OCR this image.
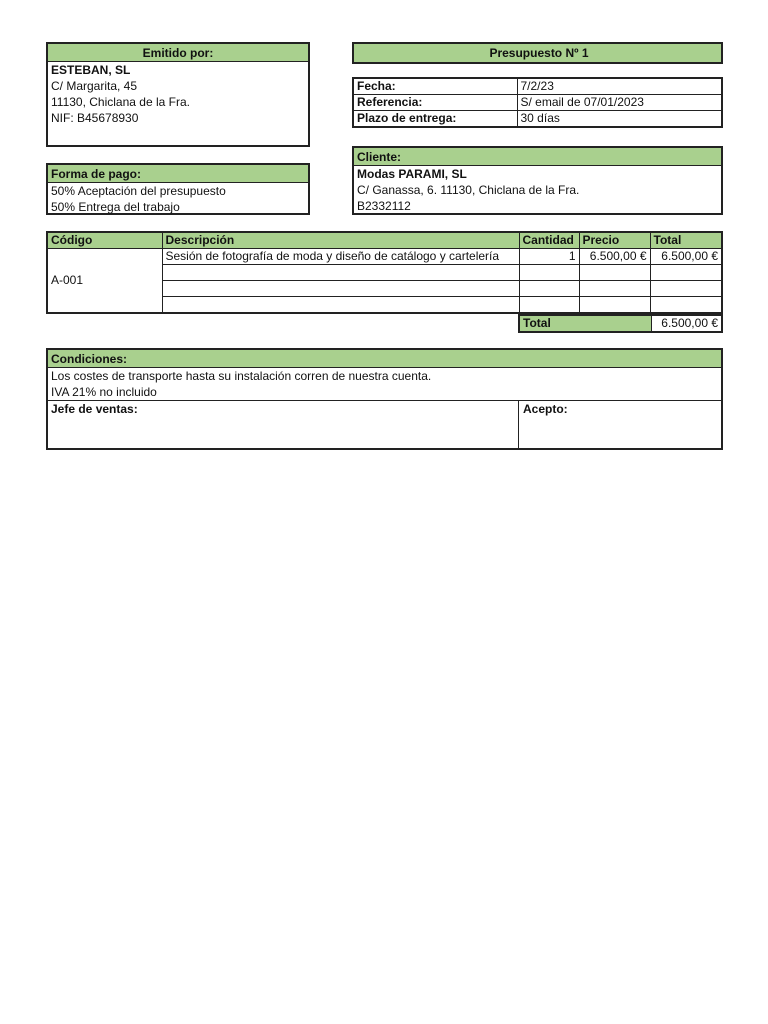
Emitido por:
ESTEBAN, SL
C/ Margarita, 45
11130, Chiclana de la Fra.
NIF: B45678930
Presupuesto Nº 1
Fecha:	7/2/23
Referencia:	S/ email de 07/01/2023
Plazo de entrega:	30 días
Forma de pago:
50% Aceptación del presupuesto
50% Entrega del trabajo
Cliente:
Modas PARAMI, SL
C/ Ganassa, 6. 11130, Chiclana de la Fra.
B2332112
Código	Descripción	Cantidad	Precio	Total
A-001	Sesión de fotografía de moda y diseño de catálogo y cartelería	1	6.500,00 €	6.500,00 €

Total	6.500,00 €
Condiciones:
Los costes de transporte hasta su instalación corren de nuestra cuenta.
IVA 21% no incluido
Jefe de ventas:	Acepto:
